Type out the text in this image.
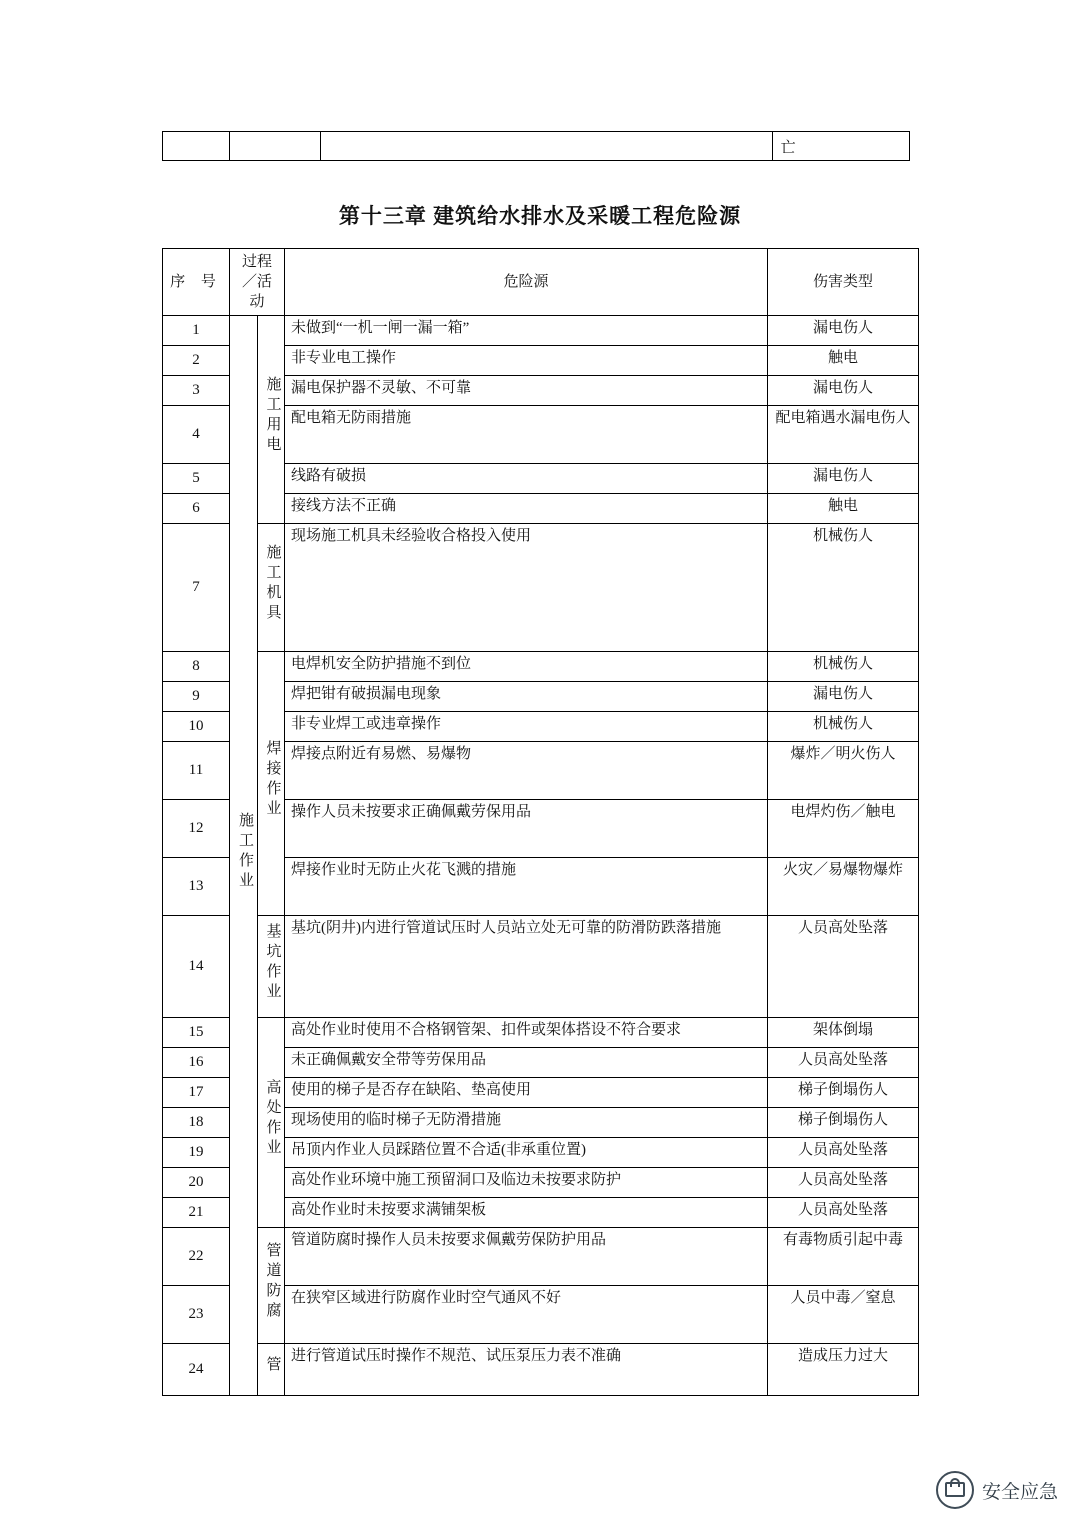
			亡
第十三章 建筑给水排水及采暖工程危险源
序 号	过程／活动		危险源	伤害类型
1	施工作业	施工用电	未做到“一机一闸一漏一箱”	漏电伤人
2			非专业电工操作	触电
3			漏电保护器不灵敏、不可靠	漏电伤人
4			配电箱无防雨措施	配电箱遇水漏电伤人
5			线路有破损	漏电伤人
6			接线方法不正确	触电
7		施工机具	现场施工机具未经验收合格投入使用	机械伤人
8		焊接作业	电焊机安全防护措施不到位	机械伤人
9			焊把钳有破损漏电现象	漏电伤人
10			非专业焊工或违章操作	机械伤人
11			焊接点附近有易燃、易爆物	爆炸／明火伤人
12			操作人员未按要求正确佩戴劳保用品	电焊灼伤／触电
13			焊接作业时无防止火花飞溅的措施	火灾／易爆物爆炸
14		基坑作业	基坑(阴井)内进行管道试压时人员站立处无可靠的防滑防跌落措施	人员高处坠落
15		高处作业	高处作业时使用不合格钢管架、扣件或架体搭设不符合要求	架体倒塌
16			未正确佩戴安全带等劳保用品	人员高处坠落
17			使用的梯子是否存在缺陷、垫高使用	梯子倒塌伤人
18			现场使用的临时梯子无防滑措施	梯子倒塌伤人
19			吊顶内作业人员踩踏位置不合适(非承重位置)	人员高处坠落
20			高处作业环境中施工预留洞口及临边未按要求防护	人员高处坠落
21			高处作业时未按要求满铺架板	人员高处坠落
22		管道防腐	管道防腐时操作人员未按要求佩戴劳保防护用品	有毒物质引起中毒
23			在狭窄区域进行防腐作业时空气通风不好	人员中毒／窒息
24		管	进行管道试压时操作不规范、试压泵压力表不准确	造成压力过大
安全应急
